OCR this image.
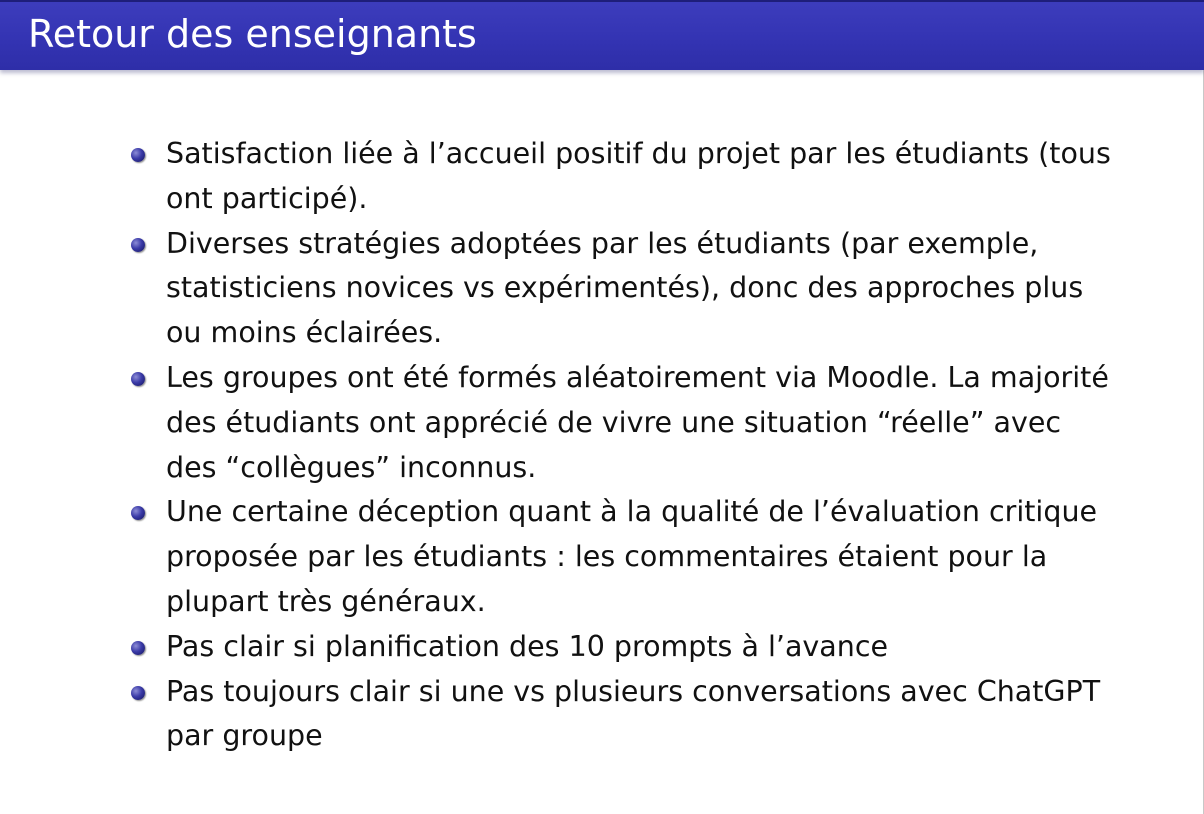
Retour des enseignants
Satisfaction liée à l’accueil positif du projet par les étudiants (tous ont participé).
Diverses stratégies adoptées par les étudiants (par exemple, statisticiens novices vs expérimentés), donc des approches plus ou moins éclairées.
Les groupes ont été formés aléatoirement via Moodle. La majorité des étudiants ont apprécié de vivre une situation “réelle” avec des “collègues” inconnus.
Une certaine déception quant à la qualité de l’évaluation critique proposée par les étudiants : les commentaires étaient pour la plupart très généraux.
Pas clair si planification des 10 prompts à l’avance
Pas toujours clair si une vs plusieurs conversations avec ChatGPT par groupe
